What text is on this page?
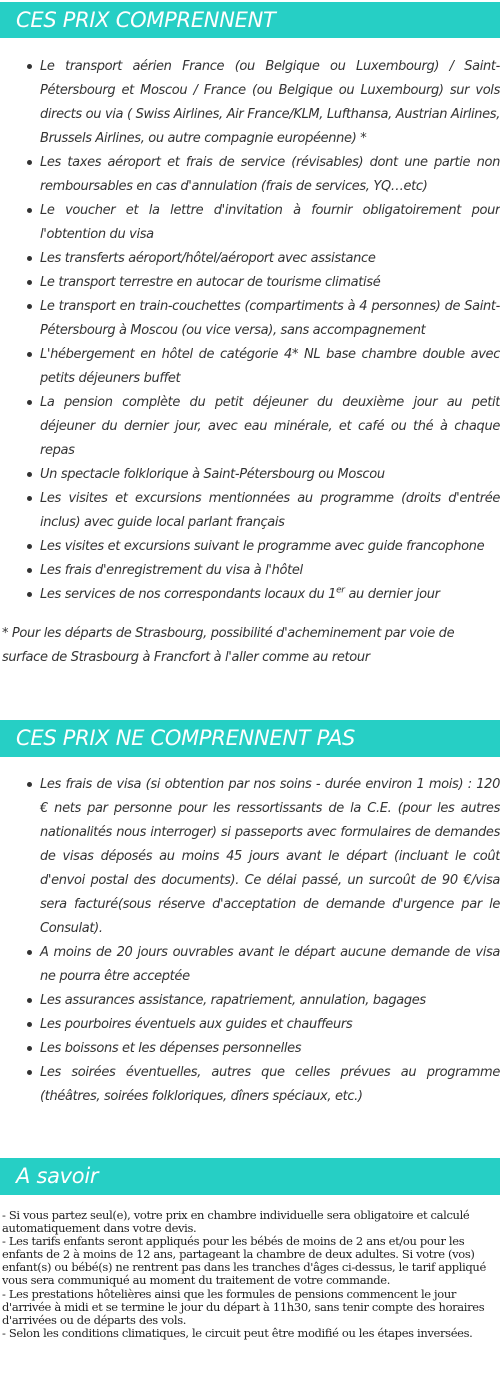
CES PRIX COMPRENNENT
Le transport aérien France (ou Belgique ou Luxembourg) / Saint-Pétersbourg et Moscou / France (ou Belgique ou Luxembourg) sur vols directs ou via ( Swiss Airlines, Air France/KLM, Lufthansa, Austrian Airlines, Brussels Airlines, ou autre compagnie européenne) *
Les taxes aéroport et frais de service (révisables) dont une partie non remboursables en cas d'annulation (frais de services, YQ…etc)
Le voucher et la lettre d'invitation à fournir obligatoirement pour l'obtention du visa
Les transferts aéroport/hôtel/aéroport avec assistance
Le transport terrestre en autocar de tourisme climatisé
Le transport en train-couchettes (compartiments à 4 personnes) de Saint-Pétersbourg à Moscou (ou vice versa), sans accompagnement
L'hébergement en hôtel de catégorie 4* NL base chambre double avec petits déjeuners buffet
La pension complète du petit déjeuner du deuxième jour au petit déjeuner du dernier jour, avec eau minérale, et café ou thé à chaque repas
Un spectacle folklorique à Saint-Pétersbourg ou Moscou
Les visites et excursions mentionnées au programme (droits d'entrée inclus) avec guide local parlant français
Les visites et excursions suivant le programme avec guide francophone
Les frais d'enregistrement du visa à l'hôtel
Les services de nos correspondants locaux du 1er au dernier jour
* Pour les départs de Strasbourg, possibilité d'acheminement par voie de surface de Strasbourg à Francfort à l'aller comme au retour
CES PRIX NE COMPRENNENT PAS
Les frais de visa (si obtention par nos soins - durée environ 1 mois) : 120 € nets par personne pour les ressortissants de la C.E. (pour les autres nationalités nous interroger) si passeports avec formulaires de demandes de visas déposés au moins 45 jours avant le départ (incluant le coût d'envoi postal des documents). Ce délai passé, un surcoût de 90 €/visa sera facturé(sous réserve d'acceptation de demande d'urgence par le Consulat).
A moins de 20 jours ouvrables avant le départ aucune demande de visa ne pourra être acceptée
Les assurances assistance, rapatriement, annulation, bagages
Les pourboires éventuels aux guides et chauffeurs
Les boissons et les dépenses personnelles
Les soirées éventuelles, autres que celles prévues au programme (théâtres, soirées folkloriques, dîners spéciaux, etc.)
A savoir

- Si vous partez seul(e), votre prix en chambre individuelle sera obligatoire et calculé automatiquement dans votre devis.

- Les tarifs enfants seront appliqués pour les bébés de moins de 2 ans et/ou pour les enfants de 2 à moins de 12 ans, partageant la chambre de deux adultes. Si votre (vos) enfant(s) ou bébé(s) ne rentrent pas dans les tranches d'âges ci-dessus, le tarif appliqué vous sera communiqué au moment du traitement de votre commande.

- Les prestations hôtelières ainsi que les formules de pensions commencent le jour d'arrivée à midi et se termine le jour du départ à 11h30, sans tenir compte des horaires d'arrivées ou de départs des vols.

- Selon les conditions climatiques, le circuit peut être modifié ou les étapes inversées.
